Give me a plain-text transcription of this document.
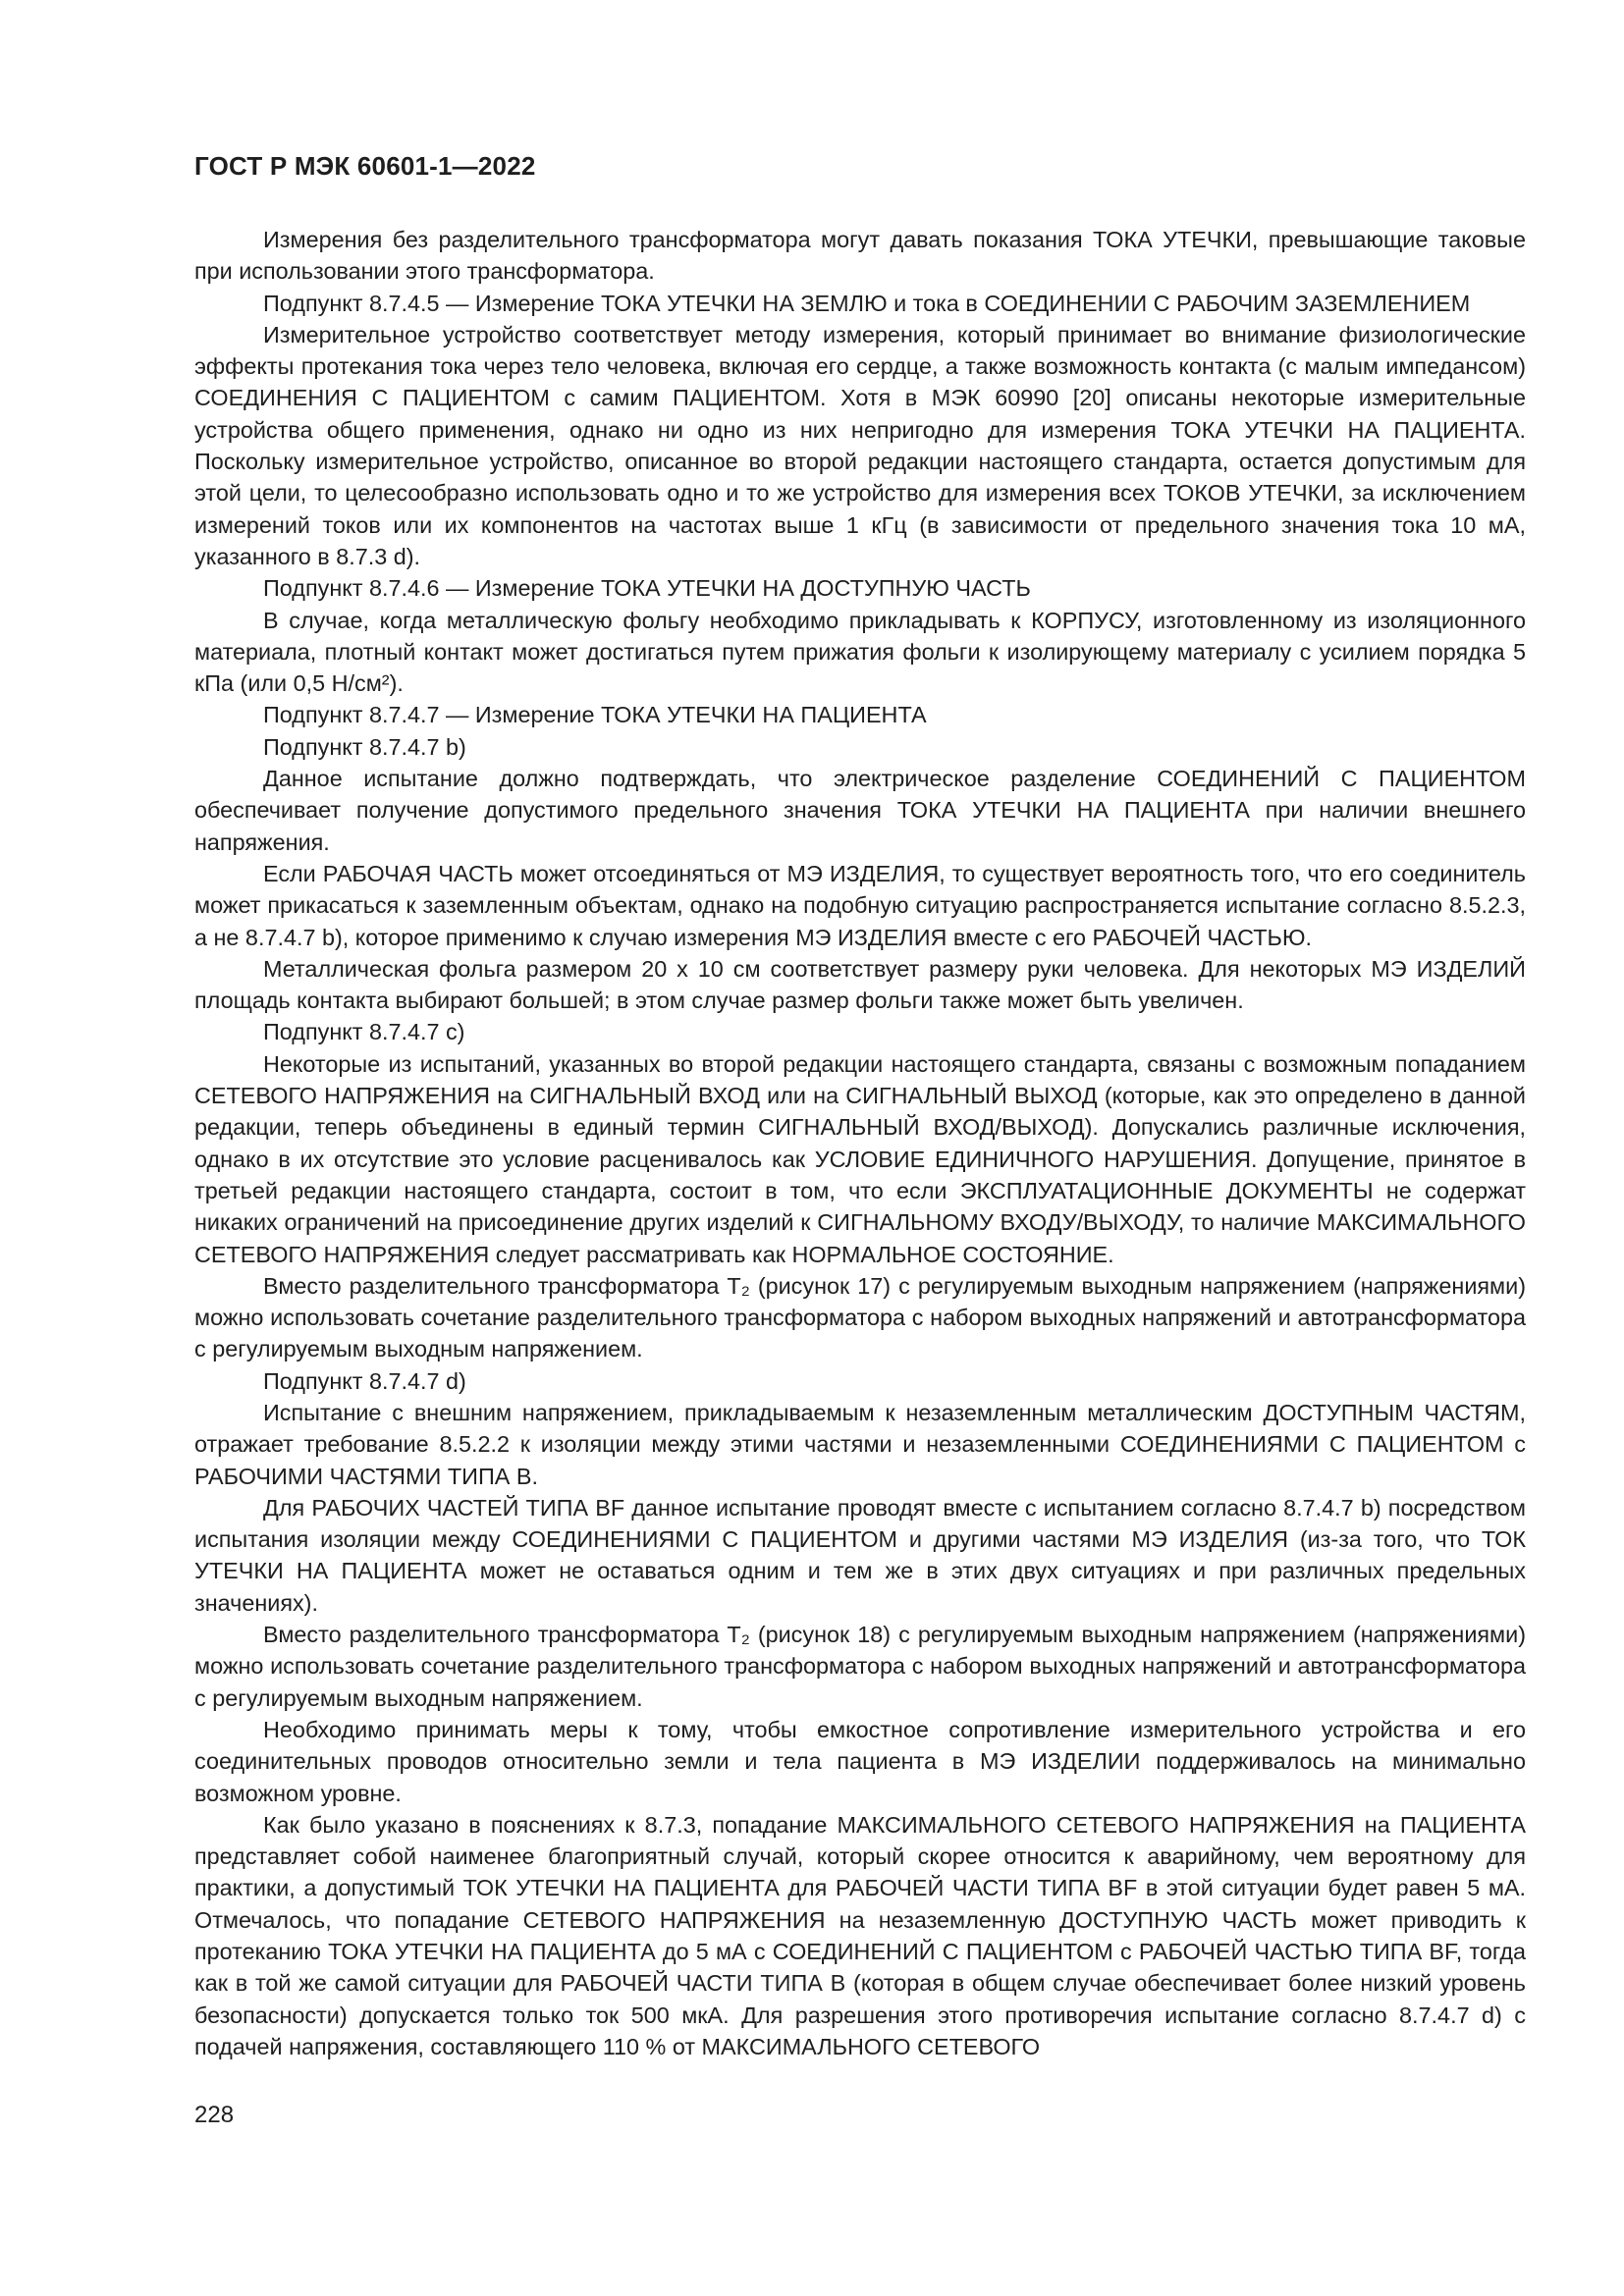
ГОСТ Р МЭК 60601-1—2022

Измерения без разделительного трансформатора могут давать показания ТОКА УТЕЧКИ, превышающие таковые при использовании этого трансформатора.

Подпункт 8.7.4.5 — Измерение ТОКА УТЕЧКИ НА ЗЕМЛЮ и тока в СОЕДИНЕНИИ С РАБОЧИМ ЗАЗЕМЛЕНИЕМ

Измерительное устройство соответствует методу измерения, который принимает во внимание физиологические эффекты протекания тока через тело человека, включая его сердце, а также возможность контакта (с малым импедансом) СОЕДИНЕНИЯ С ПАЦИЕНТОМ с самим ПАЦИЕНТОМ. Хотя в МЭК 60990 [20] описаны некоторые измерительные устройства общего применения, однако ни одно из них непригодно для измерения ТОКА УТЕЧКИ НА ПАЦИЕНТА. Поскольку измерительное устройство, описанное во второй редакции настоящего стандарта, остается допустимым для этой цели, то целесообразно использовать одно и то же устройство для измерения всех ТОКОВ УТЕЧКИ, за исключением измерений токов или их компонентов на частотах выше 1 кГц (в зависимости от предельного значения тока 10 мА, указанного в 8.7.3 d).

Подпункт 8.7.4.6 — Измерение ТОКА УТЕЧКИ НА ДОСТУПНУЮ ЧАСТЬ

В случае, когда металлическую фольгу необходимо прикладывать к КОРПУСУ, изготовленному из изоляционного материала, плотный контакт может достигаться путем прижатия фольги к изолирующему материалу с усилием порядка 5 кПа (или 0,5 Н/см²).

Подпункт 8.7.4.7 — Измерение ТОКА УТЕЧКИ НА ПАЦИЕНТА

Подпункт 8.7.4.7 b)

Данное испытание должно подтверждать, что электрическое разделение СОЕДИНЕНИЙ С ПАЦИЕНТОМ обеспечивает получение допустимого предельного значения ТОКА УТЕЧКИ НА ПАЦИЕНТА при наличии внешнего напряжения.

Если РАБОЧАЯ ЧАСТЬ может отсоединяться от МЭ ИЗДЕЛИЯ, то существует вероятность того, что его соединитель может прикасаться к заземленным объектам, однако на подобную ситуацию распространяется испытание согласно 8.5.2.3, а не 8.7.4.7 b), которое применимо к случаю измерения МЭ ИЗДЕЛИЯ вместе с его РАБОЧЕЙ ЧАСТЬЮ.

Металлическая фольга размером 20 х 10 см соответствует размеру руки человека. Для некоторых МЭ ИЗДЕЛИЙ площадь контакта выбирают большей; в этом случае размер фольги также может быть увеличен.

Подпункт 8.7.4.7 c)

Некоторые из испытаний, указанных во второй редакции настоящего стандарта, связаны с возможным попаданием СЕТЕВОГО НАПРЯЖЕНИЯ на СИГНАЛЬНЫЙ ВХОД или на СИГНАЛЬНЫЙ ВЫХОД (которые, как это определено в данной редакции, теперь объединены в единый термин СИГНАЛЬНЫЙ ВХОД/ВЫХОД). Допускались различные исключения, однако в их отсутствие это условие расценивалось как УСЛОВИЕ ЕДИНИЧНОГО НАРУШЕНИЯ. Допущение, принятое в третьей редакции настоящего стандарта, состоит в том, что если ЭКСПЛУАТАЦИОННЫЕ ДОКУМЕНТЫ не содержат никаких ограничений на присоединение других изделий к СИГНАЛЬНОМУ ВХОДУ/ВЫХОДУ, то наличие МАКСИМАЛЬНОГО СЕТЕВОГО НАПРЯЖЕНИЯ следует рассматривать как НОРМАЛЬНОЕ СОСТОЯНИЕ.

Вместо разделительного трансформатора T₂ (рисунок 17) с регулируемым выходным напряжением (напряжениями) можно использовать сочетание разделительного трансформатора с набором выходных напряжений и автотрансформатора с регулируемым выходным напряжением.

Подпункт 8.7.4.7 d)

Испытание с внешним напряжением, прикладываемым к незаземленным металлическим ДОСТУПНЫМ ЧАСТЯМ, отражает требование 8.5.2.2 к изоляции между этими частями и незаземленными СОЕДИНЕНИЯМИ С ПАЦИЕНТОМ с РАБОЧИМИ ЧАСТЯМИ ТИПА В.

Для РАБОЧИХ ЧАСТЕЙ ТИПА BF данное испытание проводят вместе с испытанием согласно 8.7.4.7 b) посредством испытания изоляции между СОЕДИНЕНИЯМИ С ПАЦИЕНТОМ и другими частями МЭ ИЗДЕЛИЯ (из-за того, что ТОК УТЕЧКИ НА ПАЦИЕНТА может не оставаться одним и тем же в этих двух ситуациях и при различных предельных значениях).

Вместо разделительного трансформатора T₂ (рисунок 18) с регулируемым выходным напряжением (напряжениями) можно использовать сочетание разделительного трансформатора с набором выходных напряжений и автотрансформатора с регулируемым выходным напряжением.

Необходимо принимать меры к тому, чтобы емкостное сопротивление измерительного устройства и его соединительных проводов относительно земли и тела пациента в МЭ ИЗДЕЛИИ поддерживалось на минимально возможном уровне.

Как было указано в пояснениях к 8.7.3, попадание МАКСИМАЛЬНОГО СЕТЕВОГО НАПРЯЖЕНИЯ на ПАЦИЕНТА представляет собой наименее благоприятный случай, который скорее относится к аварийному, чем вероятному для практики, а допустимый ТОК УТЕЧКИ НА ПАЦИЕНТА для РАБОЧЕЙ ЧАСТИ ТИПА BF в этой ситуации будет равен 5 мА. Отмечалось, что попадание СЕТЕВОГО НАПРЯЖЕНИЯ на незаземленную ДОСТУПНУЮ ЧАСТЬ может приводить к протеканию ТОКА УТЕЧКИ НА ПАЦИЕНТА до 5 мА с СОЕДИНЕНИЙ С ПАЦИЕНТОМ с РАБОЧЕЙ ЧАСТЬЮ ТИПА BF, тогда как в той же самой ситуации для РАБОЧЕЙ ЧАСТИ ТИПА В (которая в общем случае обеспечивает более низкий уровень безопасности) допускается только ток 500 мкА. Для разрешения этого противоречия испытание согласно 8.7.4.7 d) с подачей напряжения, составляющего 110 % от МАКСИМАЛЬНОГО СЕТЕВОГО

228
